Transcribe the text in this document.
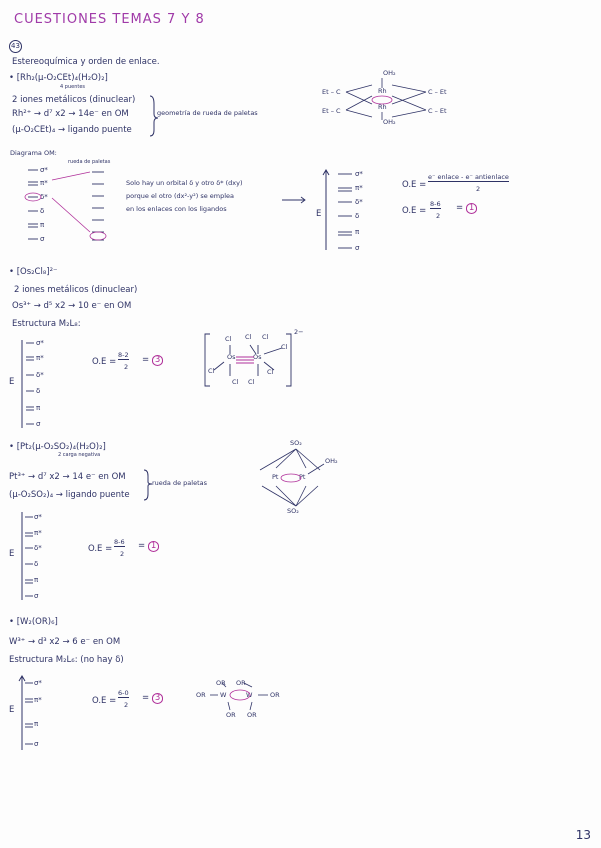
CUESTIONES TEMAS 7 Y 8
43
Estereoquímica y orden de enlace.
• [Rh₂(μ-O₂CEt)₄(H₂O)₂]
4 puentes
2 iones metálicos (dinuclear)
Rh²⁺ → d⁷ x2 → 14e⁻ en OM
(μ-O₂CEt)₄ → ligando puente
geometría de rueda de paletas
Diagrama OM:
rueda de paletas
σ*
π*
δ*
δ
π
σ
Solo hay un orbital δ y otro δ* (dxy)
porque el otro (dx²-y²) se emplea
en los enlaces con los ligandos	E
σ*
π*
δ*
δ
π
σ
O.E =
e⁻ enlace - e⁻ antienlace
2
O.E =
8-6
2
= 1
OH₂
OH₂
Rh
Rh
Et – C
Et – C
C – Et
C – Et
• [Os₂Cl₈]²⁻
2 iones metálicos (dinuclear)
Os³⁺ → d⁵ x2 → 10 e⁻ en OM
Estructura M₂L₈:
E
σ*
π*
δ*
δ
π
σ
O.E =
8-2
2
= 3
2−
Cl Cl Cl
Cl
Cl
Cl Cl
Cl
Os	Os
• [Pt₂(μ-O₂SO₂)₄(H₂O)₂]
2 carga negativa
Pt³⁺ → d⁷ x2 → 14 e⁻ en OM
(μ-O₂SO₂)₄ → ligando puente
rueda de paletas
E
σ*
π*
δ*
δ
π
σ
O.E =
8-6
2
= 1
SO₂
SO₂
Pt	Pt
OH₂
• [W₂(OR)₆]
W³⁺ → d³ x2 → 6 e⁻ en OM
Estructura M₂L₆: (no hay δ)
E
σ*
π*
π
σ
O.E =
6-0
2
= 3
OR OR
OR	OR
OR OR
W	W
13
